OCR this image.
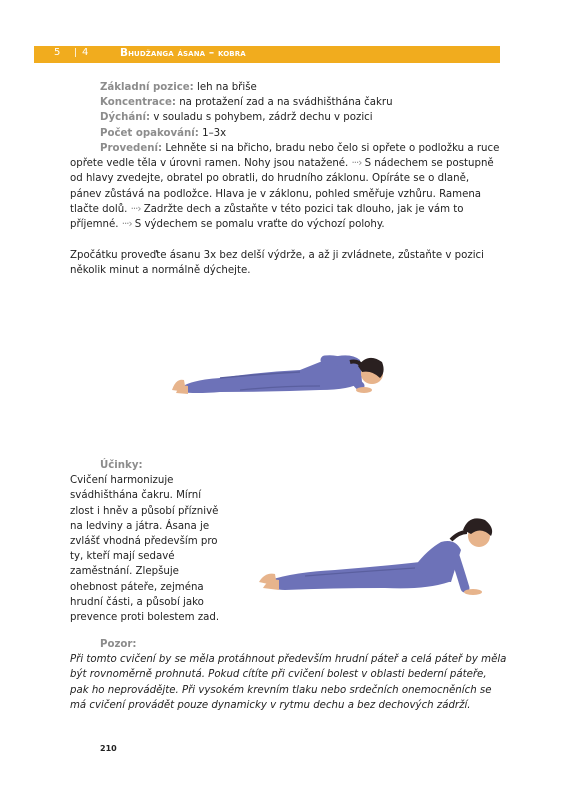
5 | 4	Bhudžanga ásana – kobra
Základní pozice: leh na břiše
Koncentrace: na protažení zad a na svádhišthána čakru
Dýchání: v souladu s pohybem, zádrž dechu v pozici
Počet opakování: 1–3x
Provedení: Lehněte si na břicho, bradu nebo čelo si opřete o podložku a ruce
opřete vedle těla v úrovni ramen. Nohy jsou natažené. ···› S nádechem se postupně
od hlavy zvedejte, obratel po obratli, do hrudního záklonu. Opíráte se o dlaně,
pánev zůstává na podložce. Hlava je v záklonu, pohled směřuje vzhůru. Ramena
tlačte dolů. ···› Zadržte dech a zůstaňte v této pozici tak dlouho, jak je vám to
příjemné. ···› S výdechem se pomalu vraťte do výchozí polohy.
Zpočátku proveďte ásanu 3x bez delší výdrže, a až ji zvládnete, zůstaňte v pozici
několik minut a normálně dýchejte.
Účinky:
Cvičení harmonizuje
svádhišthána čakru. Mírní
zlost i hněv a působí příznivě
na ledviny a játra. Ásana je
zvlášť vhodná především pro
ty, kteří mají sedavé
zaměstnání. Zlepšuje
ohebnost páteře, zejména
hrudní části, a působí jako
prevence proti bolestem zad.
Pozor:
Při tomto cvičení by se měla protáhnout především hrudní páteř a celá páteř by měla
být rovnoměrně prohnutá. Pokud cítíte při cvičení bolest v oblasti bederní páteře,
pak ho neprovádějte. Při vysokém krevním tlaku nebo srdečních onemocněních se
má cvičení provádět pouze dynamicky v rytmu dechu a bez dechových zádrží.
210
